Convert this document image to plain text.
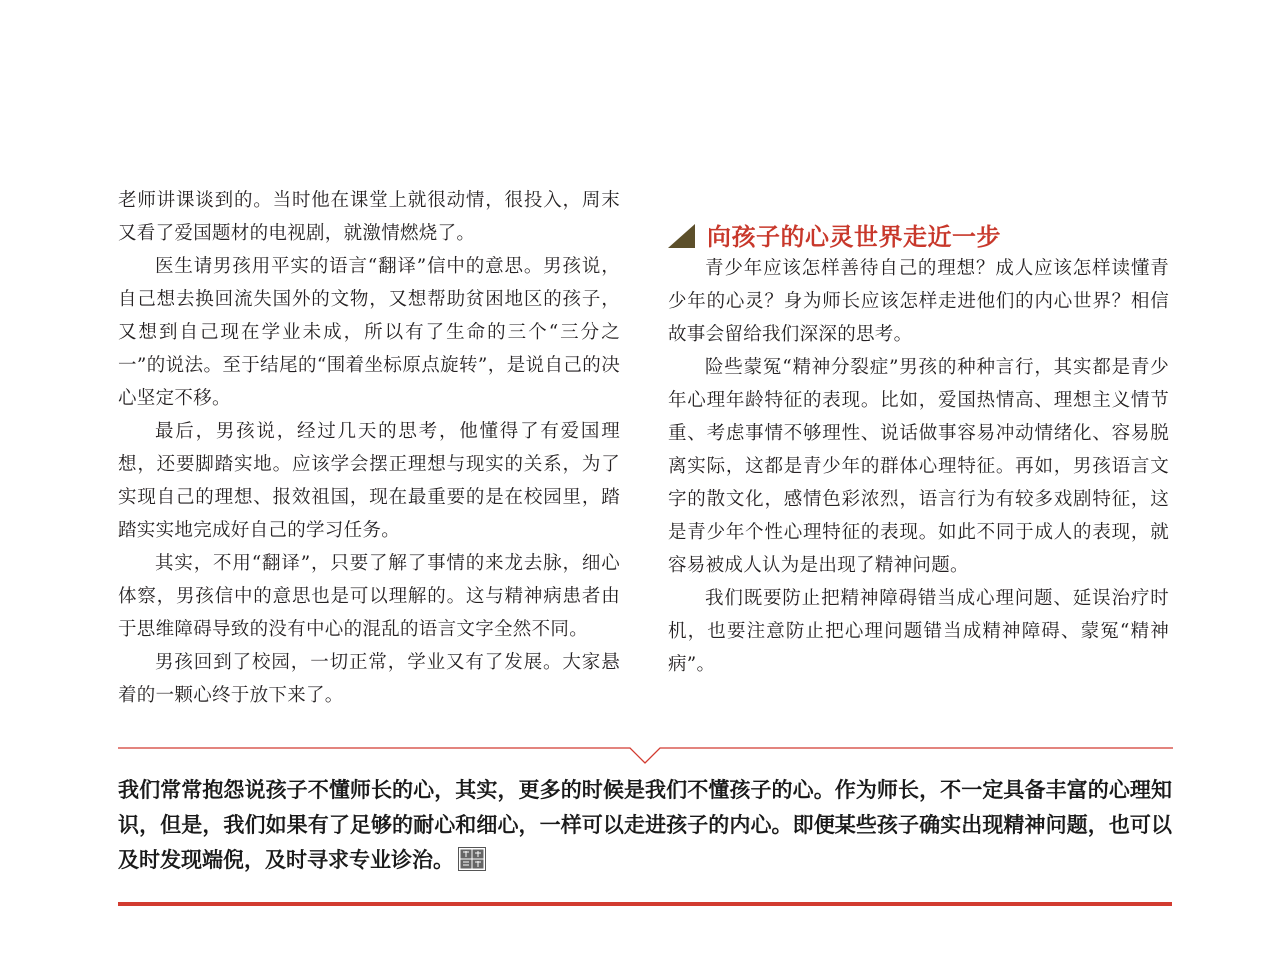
老师讲课谈到的。当时他在课堂上就很动情，很投入，周末又看了爱国题材的电视剧，就激情燃烧了。

医生请男孩用平实的语言“翻译”信中的意思。男孩说，自己想去换回流失国外的文物，又想帮助贫困地区的孩子，又想到自己现在学业未成，所以有了生命的三个“三分之一”的说法。至于结尾的“围着坐标原点旋转”，是说自己的决心坚定不移。

最后，男孩说，经过几天的思考，他懂得了有爱国理想，还要脚踏实地。应该学会摆正理想与现实的关系，为了实现自己的理想、报效祖国，现在最重要的是在校园里，踏踏实实地完成好自己的学习任务。

其实，不用“翻译”，只要了解了事情的来龙去脉，细心体察，男孩信中的意思也是可以理解的。这与精神病患者由于思维障碍导致的没有中心的混乱的语言文字全然不同。

男孩回到了校园，一切正常，学业又有了发展。大家悬着的一颗心终于放下来了。

向孩子的心灵世界走近一步

青少年应该怎样善待自己的理想？成人应该怎样读懂青少年的心灵？身为师长应该怎样走进他们的内心世界？相信故事会留给我们深深的思考。

险些蒙冤“精神分裂症”男孩的种种言行，其实都是青少年心理年龄特征的表现。比如，爱国热情高、理想主义情节重、考虑事情不够理性、说话做事容易冲动情绪化、容易脱离实际，这都是青少年的群体心理特征。再如，男孩语言文字的散文化，感情色彩浓烈，语言行为有较多戏剧特征，这是青少年个性心理特征的表现。如此不同于成人的表现，就容易被成人认为是出现了精神问题。

我们既要防止把精神障碍错当成心理问题、延误治疗时机，也要注意防止把心理问题错当成精神障碍、蒙冤“精神病”。

我们常常抱怨说孩子不懂师长的心，其实，更多的时候是我们不懂孩子的心。作为师长，不一定具备丰富的心理知识，但是，我们如果有了足够的耐心和细心，一样可以走进孩子的内心。即便某些孩子确实出现精神问题，也可以及时发现端倪，及时寻求专业诊治。
